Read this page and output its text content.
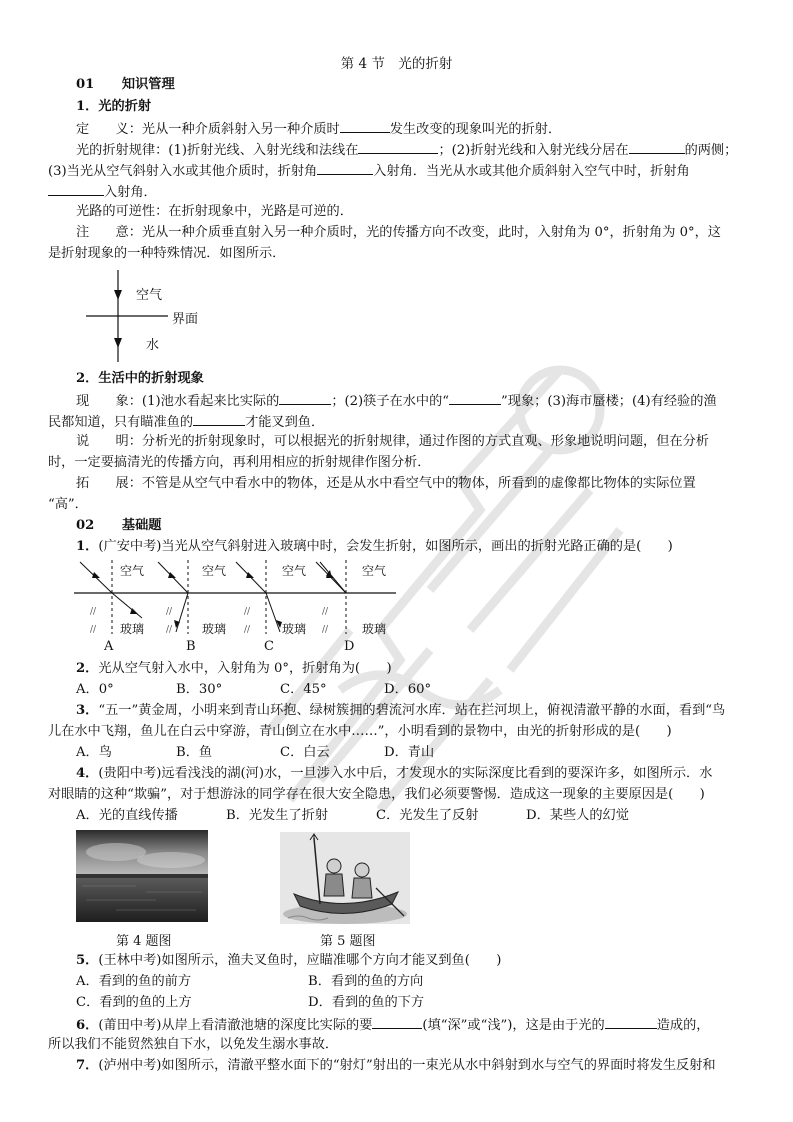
第 4 节　光的折射
01 知识管理
1．光的折射
定　　义：光从一种介质斜射入另一种介质时	发生改变的现象叫光的折射．
光的折射规律：(1)折射光线、入射光线和法线在	；(2)折射光线和入射光线分居在	的两侧；
(3)当光从空气斜射入水或其他介质时，折射角	入射角．当光从水或其他介质斜射入空气中时，折射角
入射角．
光路的可逆性：在折射现象中，光路是可逆的．
注　　意：光从一种介质垂直射入另一种介质时，光的传播方向不改变，此时，入射角为 0°，折射角为 0°，这
是折射现象的一种特殊情况．如图所示．
空气
界面
水
2．生活中的折射现象
现　　象：(1)池水看起来比实际的	；(2)筷子在水中的“	”现象；(3)海市蜃楼；(4)有经验的渔
民都知道，只有瞄准鱼的	才能叉到鱼．
说　　明：分析光的折射现象时，可以根据光的折射规律，通过作图的方式直观、形象地说明问题，但在分析
时，一定要搞清光的传播方向，再利用相应的折射规律作图分析．
拓　　展：不管是从空气中看水中的物体，还是从水中看空气中的物体，所看到的虚像都比物体的实际位置
“高”．
02 基础题
1．(广安中考)当光从空气斜射进入玻璃中时，会发生折射，如图所示，画出的折射光路正确的是(　　)
//
//
//
//
//
//
//
//
空气
玻璃
空气
玻璃
空气
玻璃
空气
玻璃
A	B	C	D
2．光从空气射入水中，入射角为 0°，折射角为(　　)
A．0°	B．30°	C．45°	D．60°
3．“五一”黄金周，小明来到青山环抱、绿树簇拥的碧流河水库．站在拦河坝上，俯视清澈平静的水面，看到“鸟
儿在水中飞翔，鱼儿在白云中穿游，青山倒立在水中……”，小明看到的景物中，由光的折射形成的是(　　)
A．鸟	B．鱼	C．白云	D．青山
4．(贵阳中考)远看浅浅的湖(河)水，一旦涉入水中后，才发现水的实际深度比看到的要深许多，如图所示．水
对眼睛的这种“欺骗”，对于想游泳的同学存在很大安全隐患，我们必须要警惕．造成这一现象的主要原因是(　　)
A．光的直线传播	B．光发生了折射	C．光发生了反射	D．某些人的幻觉
第 4 题图	第 5 题图
5．(王林中考)如图所示，渔夫叉鱼时，应瞄准哪个方向才能叉到鱼(　　)
A．看到的鱼的前方	B．看到的鱼的方向
C．看到的鱼的上方	D．看到的鱼的下方
6．(莆田中考)从岸上看清澈池塘的深度比实际的要	(填“深”或“浅”)，这是由于光的	造成的，
所以我们不能贸然独自下水，以免发生溺水事故．
7．(泸州中考)如图所示，清澈平整水面下的“射灯”射出的一束光从水中斜射到水与空气的界面时将发生反射和
